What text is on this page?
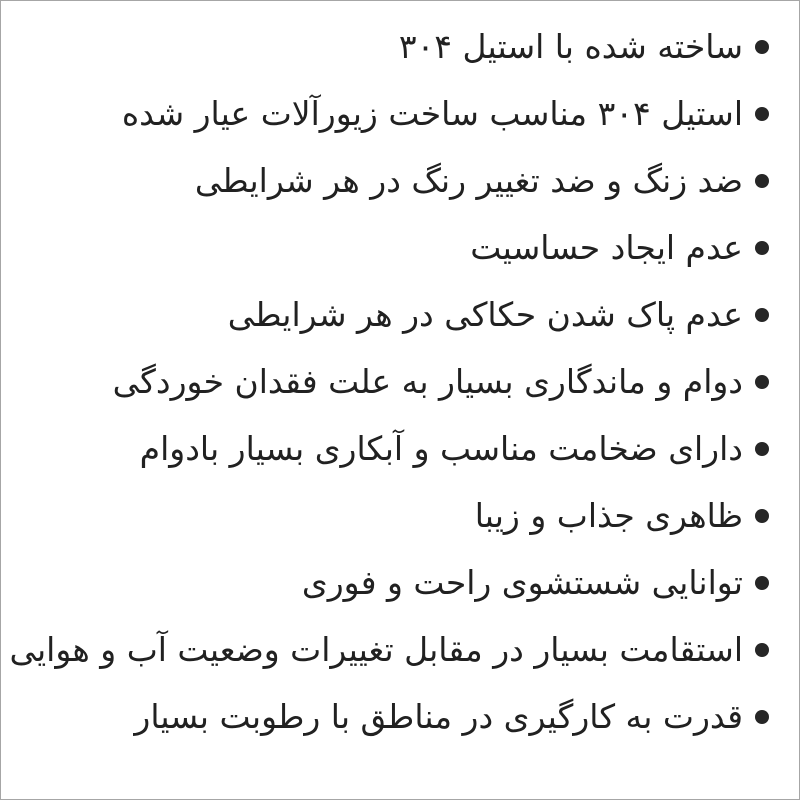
ساخته شده با استیل ۳۰۴
استیل ۳۰۴ مناسب ساخت زیورآلات عیار شده
ضد زنگ و ضد تغییر رنگ در هر شرایطی
عدم ایجاد حساسیت
عدم پاک شدن حکاکی در هر شرایطی
دوام و ماندگاری بسیار به علت فقدان خوردگی
دارای ضخامت مناسب و آبکاری بسیار بادوام
ظاهری جذاب و زیبا
توانایی شستشوی راحت و فوری
استقامت بسیار در مقابل تغییرات وضعیت آب و هوایی
قدرت به کارگیری در مناطق با رطوبت بسیار
